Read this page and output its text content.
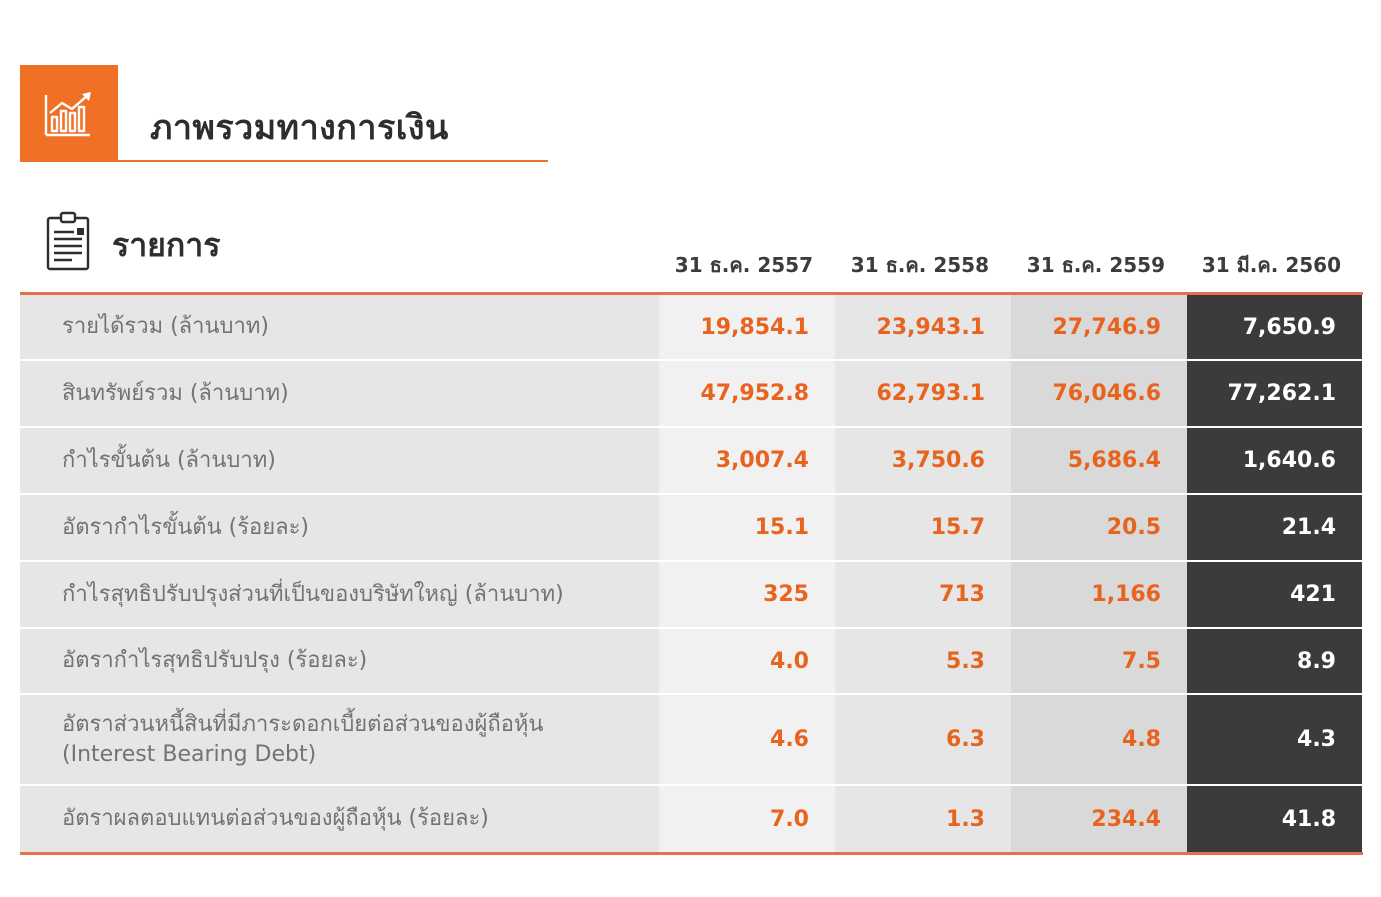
ภาพรวมทางการเงิน
รายการ
31 ธ.ค. 2557	31 ธ.ค. 2558	31 ธ.ค. 2559	31 มี.ค. 2560
รายได้รวม (ล้านบาท)	19,854.1	23,943.1	27,746.9	7,650.9
สินทรัพย์รวม (ล้านบาท)	47,952.8	62,793.1	76,046.6	77,262.1
กำไรขั้นต้น (ล้านบาท)	3,007.4	3,750.6	5,686.4	1,640.6
อัตรากำไรขั้นต้น (ร้อยละ)	15.1	15.7	20.5	21.4
กำไรสุทธิปรับปรุงส่วนที่เป็นของบริษัทใหญ่ (ล้านบาท)	325	713	1,166	421
อัตรากำไรสุทธิปรับปรุง (ร้อยละ)	4.0	5.3	7.5	8.9
อัตราส่วนหนี้สินที่มีภาระดอกเบี้ยต่อส่วนของผู้ถือหุ้น
(Interest Bearing Debt)
4.6	6.3	4.8	4.3
อัตราผลตอบแทนต่อส่วนของผู้ถือหุ้น (ร้อยละ)	7.0	1.3	234.4	41.8
